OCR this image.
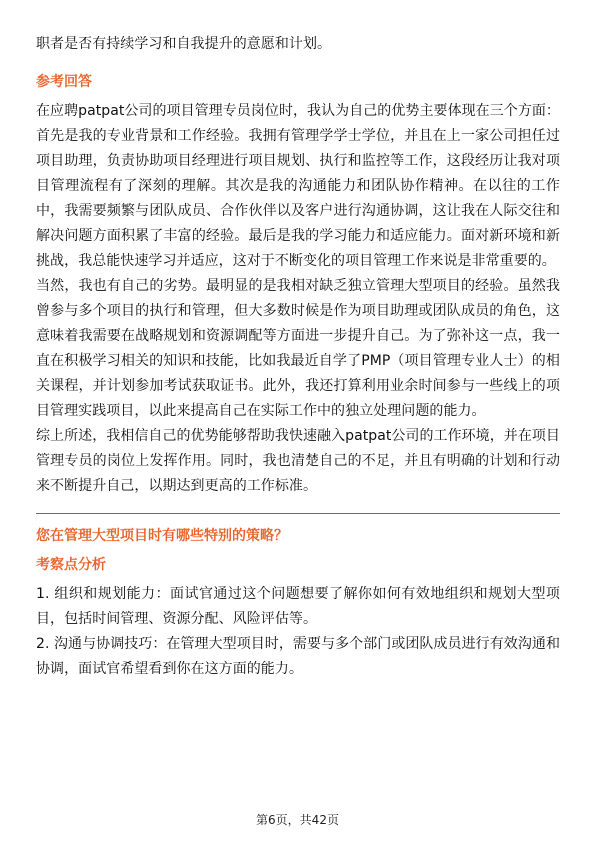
职者是否有持续学习和自我提升的意愿和计划。

参考回答

在应聘patpat公司的项目管理专员岗位时，我认为自己的优势主要体现在三个方面：首先是我的专业背景和工作经验。我拥有管理学学士学位，并且在上一家公司担任过项目助理，负责协助项目经理进行项目规划、执行和监控等工作，这段经历让我对项目管理流程有了深刻的理解。其次是我的沟通能力和团队协作精神。在以往的工作中，我需要频繁与团队成员、合作伙伴以及客户进行沟通协调，这让我在人际交往和解决问题方面积累了丰富的经验。最后是我的学习能力和适应能力。面对新环境和新挑战，我总能快速学习并适应，这对于不断变化的项目管理工作来说是非常重要的。

当然，我也有自己的劣势。最明显的是我相对缺乏独立管理大型项目的经验。虽然我曾参与多个项目的执行和管理，但大多数时候是作为项目助理或团队成员的角色，这意味着我需要在战略规划和资源调配等方面进一步提升自己。为了弥补这一点，我一直在积极学习相关的知识和技能，比如我最近自学了PMP（项目管理专业人士）的相关课程，并计划参加考试获取证书。此外，我还打算利用业余时间参与一些线上的项目管理实践项目，以此来提高自己在实际工作中的独立处理问题的能力。

综上所述，我相信自己的优势能够帮助我快速融入patpat公司的工作环境，并在项目管理专员的岗位上发挥作用。同时，我也清楚自己的不足，并且有明确的计划和行动来不断提升自己，以期达到更高的工作标准。

您在管理大型项目时有哪些特别的策略？

考察点分析

1. 组织和规划能力：面试官通过这个问题想要了解你如何有效地组织和规划大型项目，包括时间管理、资源分配、风险评估等。

2. 沟通与协调技巧：在管理大型项目时，需要与多个部门或团队成员进行有效沟通和协调，面试官希望看到你在这方面的能力。

第6页，共42页
